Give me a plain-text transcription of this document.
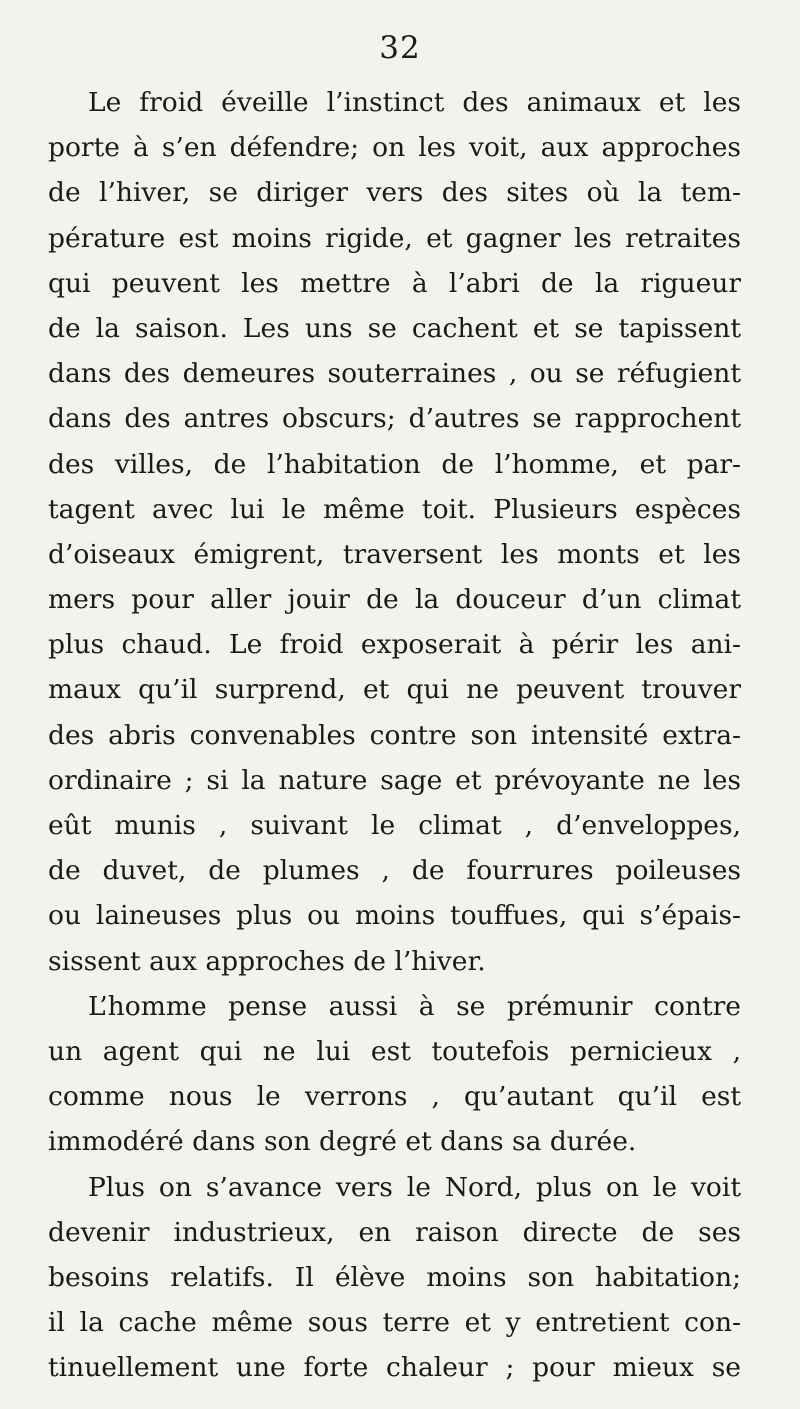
32
Le froid éveille l’instinct des animaux et les
porte à s’en défendre; on les voit, aux approches
de l’hiver, se diriger vers des sites où la tem-
pérature est moins rigide, et gagner les retraites
qui peuvent les mettre à l’abri de la rigueur
de la saison. Les uns se cachent et se tapissent
dans des demeures souterraines , ou se réfugient
dans des antres obscurs; d’autres se rapprochent
des villes, de l’habitation de l’homme, et par-
tagent avec lui le même toit. Plusieurs espèces
d’oiseaux émigrent, traversent les monts et les
mers pour aller jouir de la douceur d’un climat
plus chaud. Le froid exposerait à périr les ani-
maux qu’il surprend, et qui ne peuvent trouver
des abris convenables contre son intensité extra-
ordinaire ; si la nature sage et prévoyante ne les
eût munis , suivant le climat , d’enveloppes,
de duvet, de plumes , de fourrures poileuses
ou laineuses plus ou moins touffues, qui s’épais-
sissent aux approches de l’hiver.
L’homme pense aussi à se prémunir contre
un agent qui ne lui est toutefois pernicieux ,
comme nous le verrons , qu’autant qu’il est
immodéré dans son degré et dans sa durée.
Plus on s’avance vers le Nord, plus on le voit
devenir industrieux, en raison directe de ses
besoins relatifs. Il élève moins son habitation;
il la cache même sous terre et y entretient con-
tinuellement une forte chaleur ; pour mieux se
